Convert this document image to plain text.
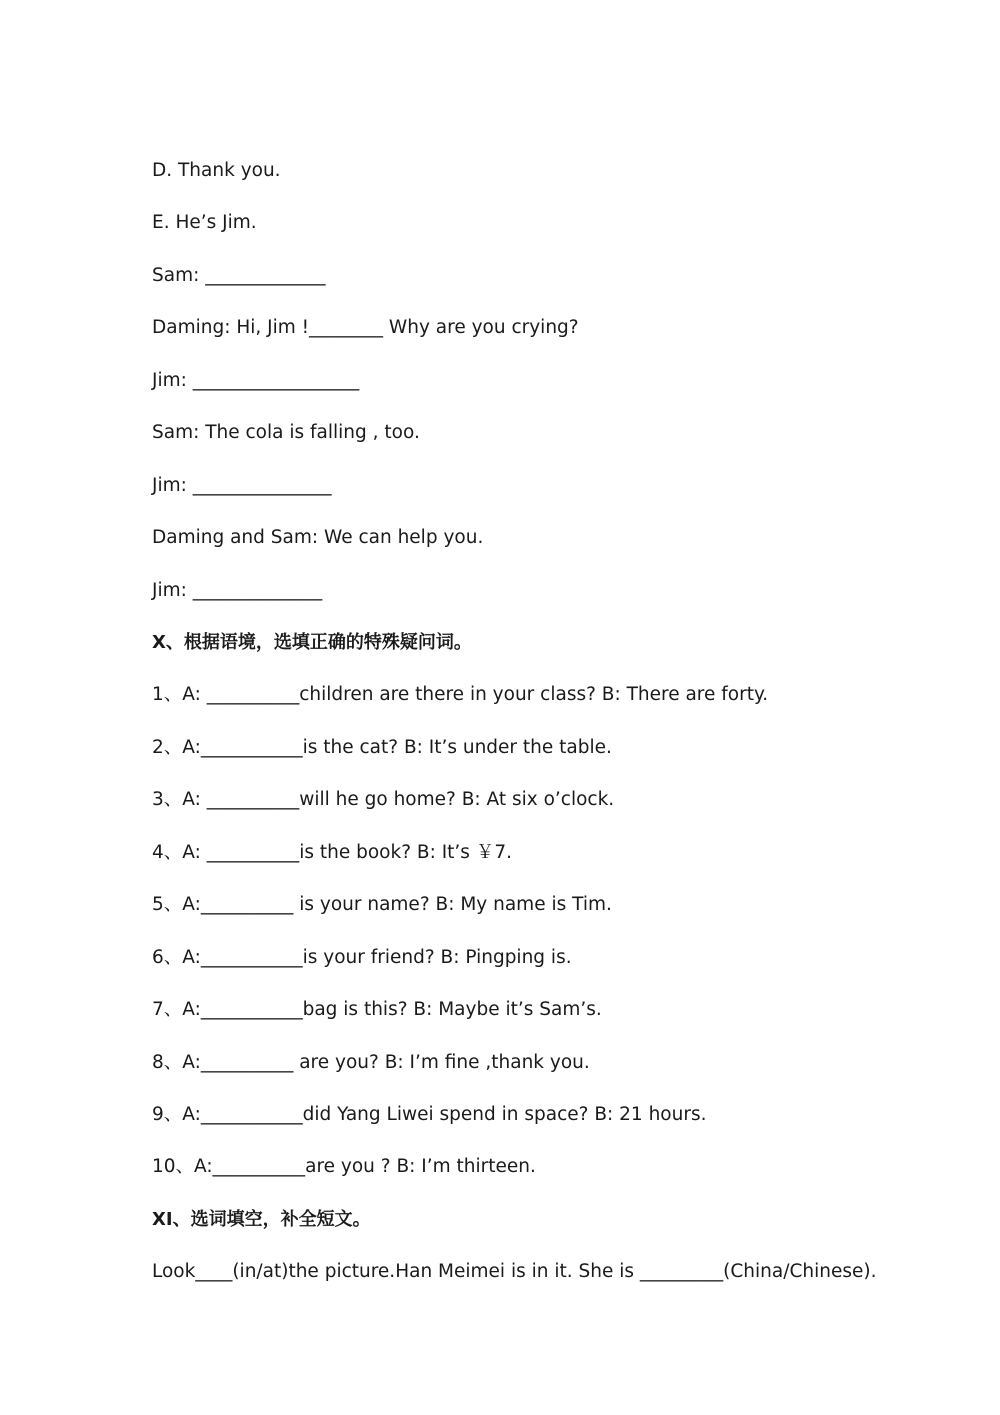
D. Thank you.
E. He’s Jim.
Sam: _____________
Daming: Hi, Jim !________ Why are you crying?
Jim: __________________
Sam: The cola is falling , too.
Jim: _______________
Daming and Sam: We can help you.
Jim: ______________
X、根据语境，选填正确的特殊疑问词。
1、A: __________children are there in your class? B: There are forty.
2、A:___________is the cat? B: It’s under the table.
3、A: __________will he go home? B: At six o’clock.
4、A: __________is the book? B: It’s ￥7.
5、A:__________ is your name? B: My name is Tim.
6、A:___________is your friend? B: Pingping is.
7、A:___________bag is this? B: Maybe it’s Sam’s.
8、A:__________ are you? B: I’m fine ,thank you.
9、A:___________did Yang Liwei spend in space? B: 21 hours.
10、A:__________are you ? B: I’m thirteen.
XI、选词填空，补全短文。
Look____(in/at)the picture.Han Meimei is in it. She is _________(China/Chinese).
